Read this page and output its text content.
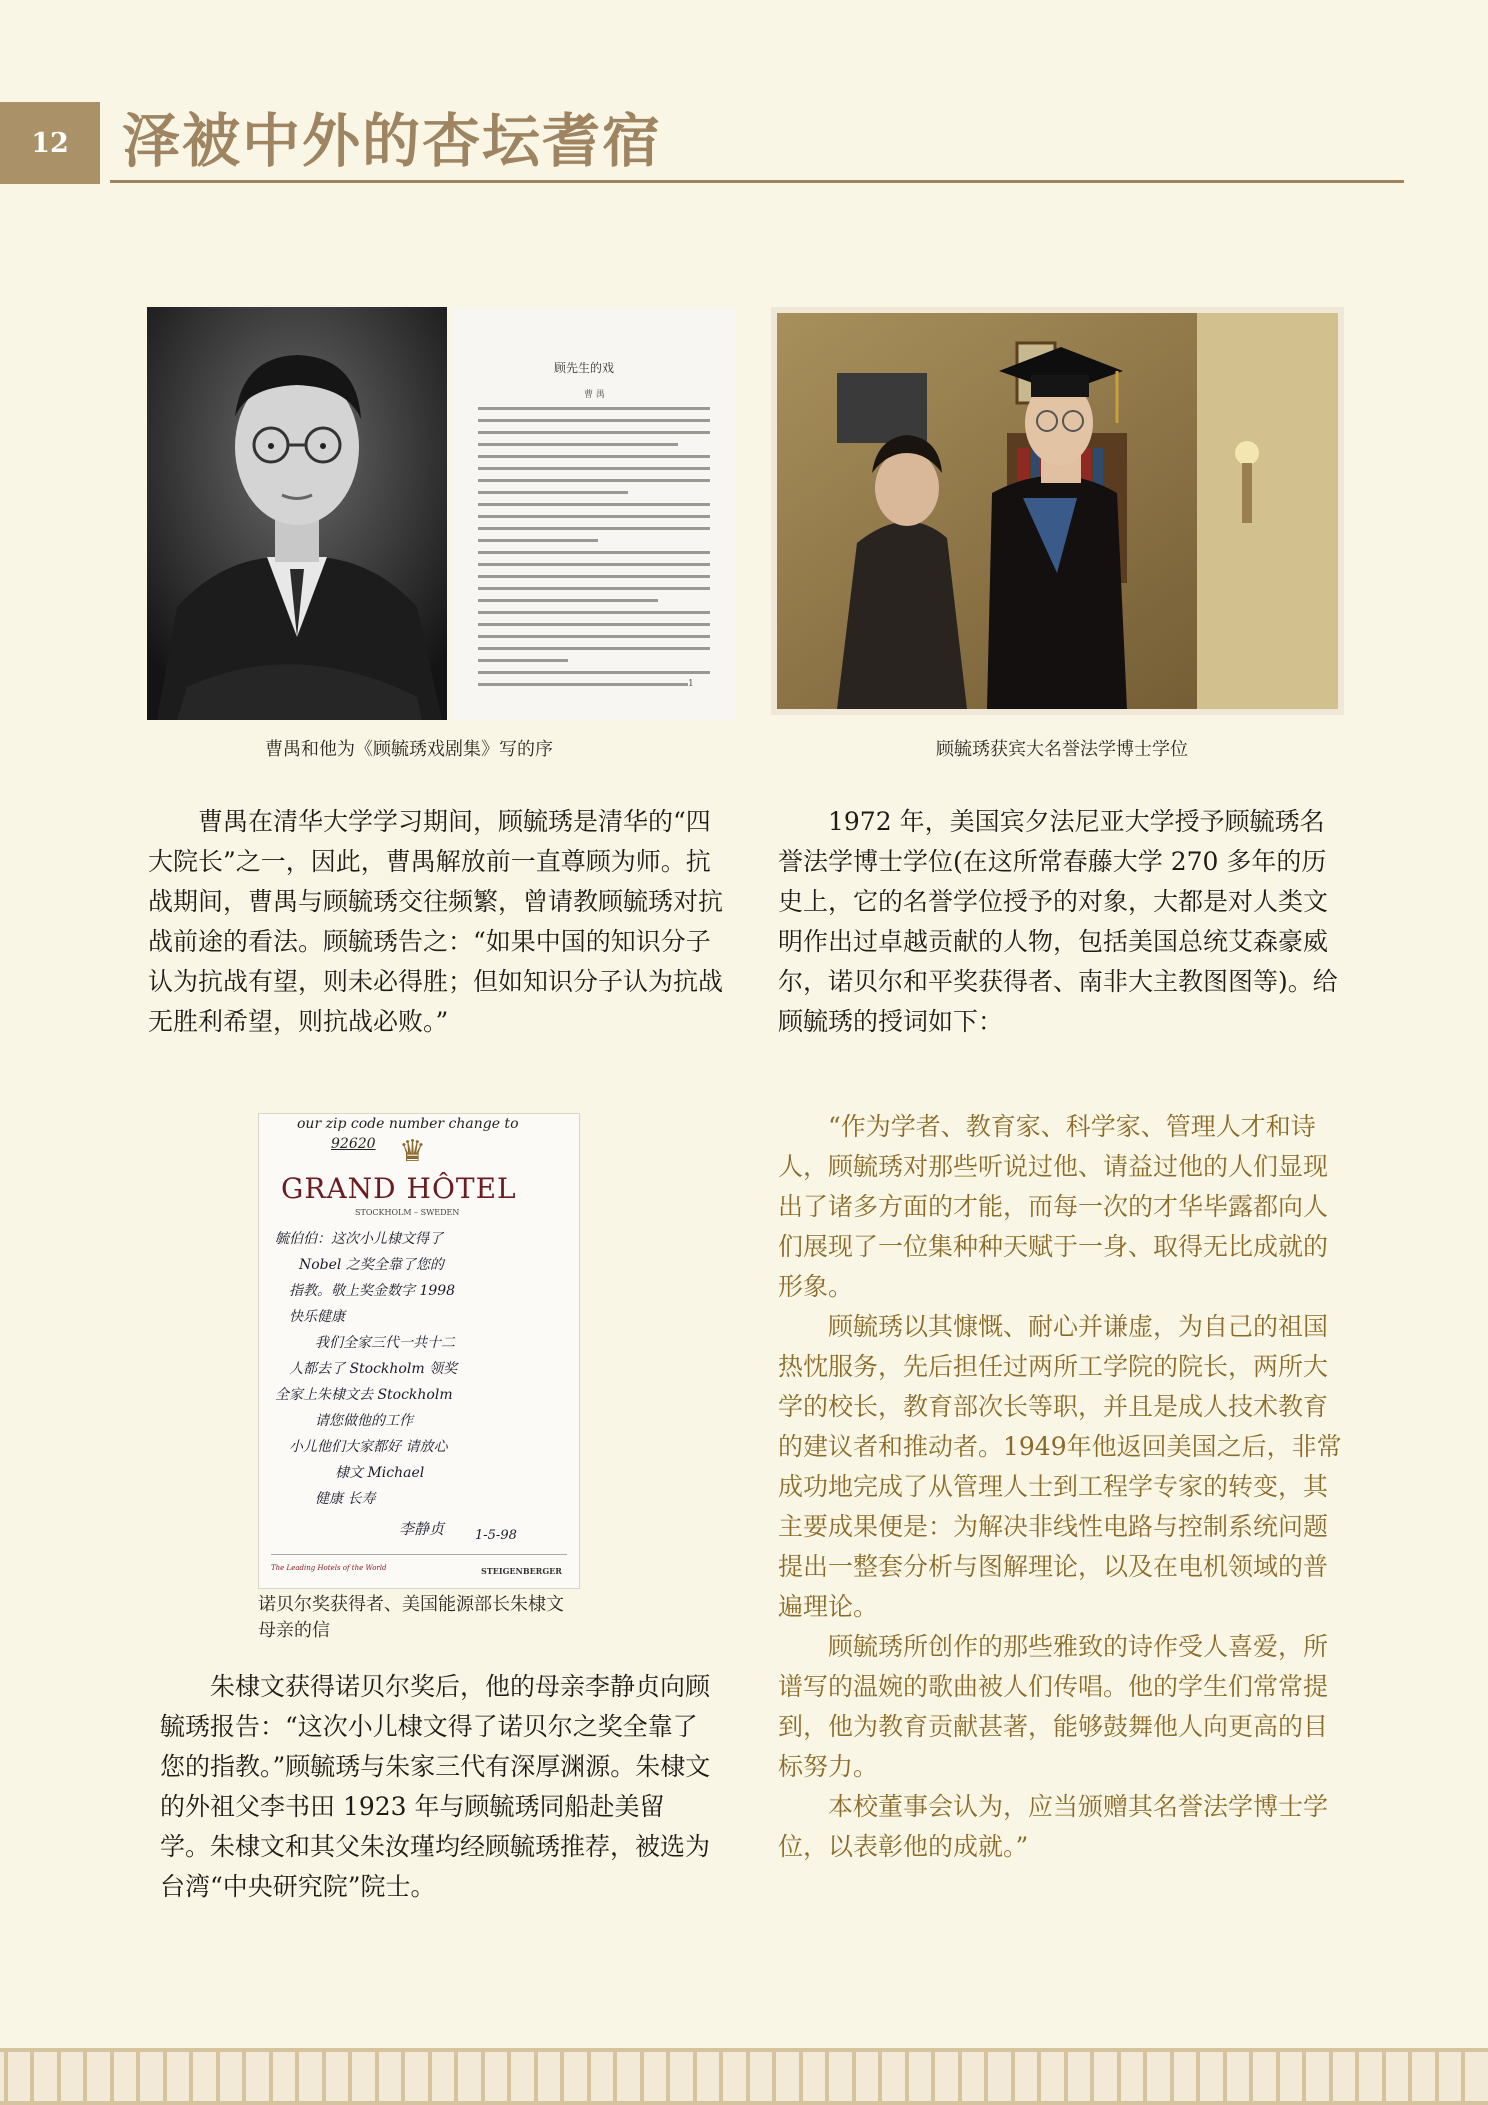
12 泽被中外的杏坛耆宿
顾先生的戏
曹 禺
1
曹禺和他为《顾毓琇戏剧集》写的序	顾毓琇获宾大名誉法学博士学位

曹禺在清华大学学习期间，顾毓琇是清华的“四大院长”之一，因此，曹禺解放前一直尊顾为师。抗战期间，曹禺与顾毓琇交往频繁，曾请教顾毓琇对抗战前途的看法。顾毓琇告之：“如果中国的知识分子认为抗战有望，则未必得胜；但如知识分子认为抗战无胜利希望，则抗战必败。”

1972 年，美国宾夕法尼亚大学授予顾毓琇名誉法学博士学位(在这所常春藤大学 270 多年的历史上，它的名誉学位授予的对象，大都是对人类文明作出过卓越贡献的人物，包括美国总统艾森豪威尔，诺贝尔和平奖获得者、南非大主教图图等)。给顾毓琇的授词如下：

our zip code number change to
92620 ♛
GRAND HÔTEL
STOCKHOLM – SWEDEN
毓伯伯：这次小儿棣文得了
Nobel 之奖全靠了您的
指教。敬上奖金数字 1998
快乐健康
我们全家三代一共十二
人都去了 Stockholm 领奖
全家上朱棣文去 Stockholm
请您做他的工作
小儿他们大家都好 请放心
棣文 Michael
健康 长寿
李静贞 1-5-98
The Leading Hotels of the World	STEIGENBERGER
诺贝尔奖获得者、美国能源部长朱棣文
母亲的信

朱棣文获得诺贝尔奖后，他的母亲李静贞向顾毓琇报告：“这次小儿棣文得了诺贝尔之奖全靠了您的指教。”顾毓琇与朱家三代有深厚渊源。朱棣文的外祖父李书田 1923 年与顾毓琇同船赴美留学。朱棣文和其父朱汝瑾均经顾毓琇推荐，被选为台湾“中央研究院”院士。

“作为学者、教育家、科学家、管理人才和诗人，顾毓琇对那些听说过他、请益过他的人们显现出了诸多方面的才能，而每一次的才华毕露都向人们展现了一位集种种天赋于一身、取得无比成就的形象。

顾毓琇以其慷慨、耐心并谦虚，为自己的祖国热忱服务，先后担任过两所工学院的院长，两所大学的校长，教育部次长等职，并且是成人技术教育的建议者和推动者。1949年他返回美国之后，非常成功地完成了从管理人士到工程学专家的转变，其主要成果便是：为解决非线性电路与控制系统问题提出一整套分析与图解理论，以及在电机领域的普遍理论。

顾毓琇所创作的那些雅致的诗作受人喜爱，所谱写的温婉的歌曲被人们传唱。他的学生们常常提到，他为教育贡献甚著，能够鼓舞他人向更高的目标努力。

本校董事会认为，应当颁赠其名誉法学博士学位，以表彰他的成就。”
